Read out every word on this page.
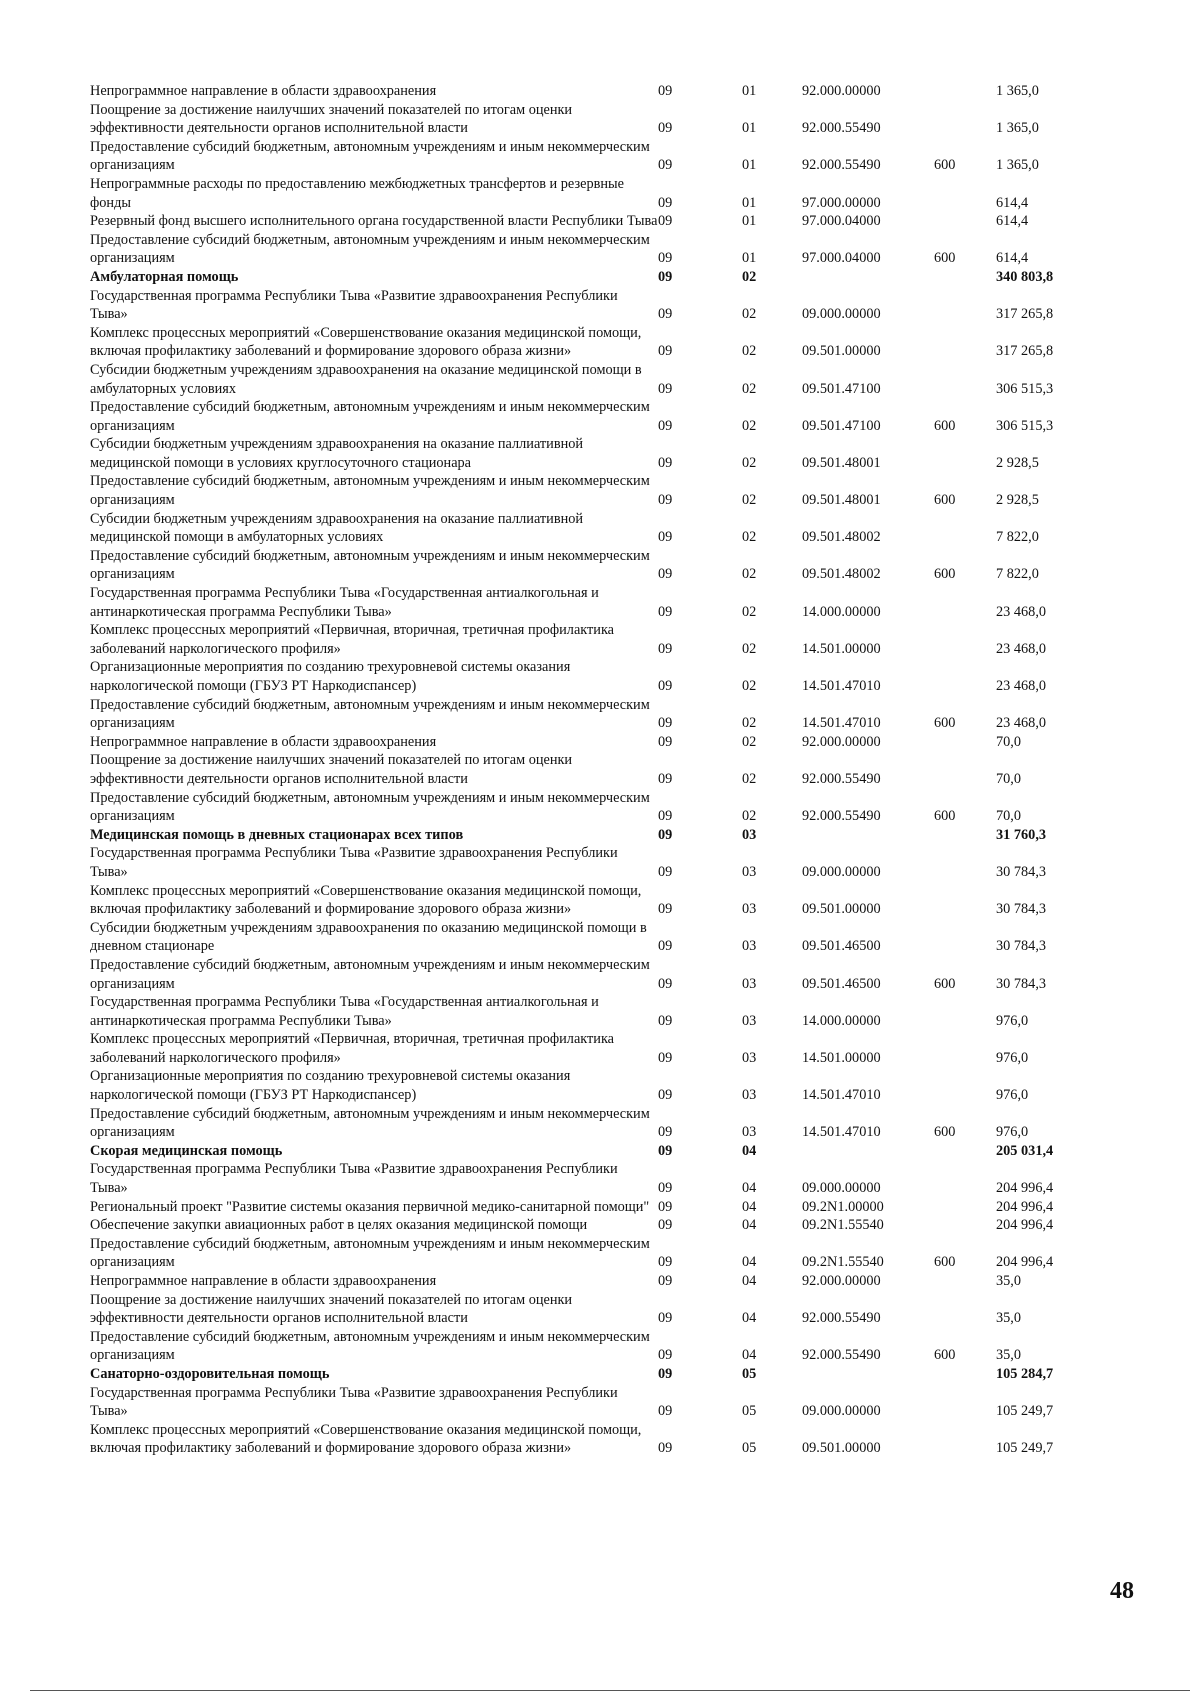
Непрограммное направление в области здравоохранения	09	01	92.000.00000		1 365,0
Поощрение за достижение наилучших значений показателей по итогам оценки эффективности деятельности органов исполнительной власти	09	01	92.000.55490		1 365,0
Предоставление субсидий бюджетным, автономным учреждениям и иным некоммерческим организациям	09	01	92.000.55490	600	1 365,0
Непрограммные расходы по предоставлению межбюджетных трансфертов и резервные фонды	09	01	97.000.00000		614,4
Резервный фонд высшего исполнительного органа государственной власти Республики Тыва	09	01	97.000.04000		614,4
Предоставление субсидий бюджетным, автономным учреждениям и иным некоммерческим организациям	09	01	97.000.04000	600	614,4
Амбулаторная помощь	09	02			340 803,8
Государственная программа Республики Тыва «Развитие здравоохранения Республики Тыва»	09	02	09.000.00000		317 265,8
Комплекс процессных мероприятий «Совершенствование оказания медицинской помощи, включая профилактику заболеваний и формирование здорового образа жизни»	09	02	09.501.00000		317 265,8
Субсидии бюджетным учреждениям здравоохранения на оказание медицинской помощи в амбулаторных условиях	09	02	09.501.47100		306 515,3
Предоставление субсидий бюджетным, автономным учреждениям и иным некоммерческим организациям	09	02	09.501.47100	600	306 515,3
Субсидии бюджетным учреждениям здравоохранения на оказание паллиативной медицинской помощи в условиях круглосуточного стационара	09	02	09.501.48001		2 928,5
Предоставление субсидий бюджетным, автономным учреждениям и иным некоммерческим организациям	09	02	09.501.48001	600	2 928,5
Субсидии бюджетным учреждениям здравоохранения на оказание паллиативной медицинской помощи в амбулаторных условиях	09	02	09.501.48002		7 822,0
Предоставление субсидий бюджетным, автономным учреждениям и иным некоммерческим организациям	09	02	09.501.48002	600	7 822,0
Государственная программа Республики Тыва «Государственная антиалкогольная и антинаркотическая программа Республики Тыва»	09	02	14.000.00000		23 468,0
Комплекс процессных мероприятий «Первичная, вторичная, третичная профилактика заболеваний наркологического профиля»	09	02	14.501.00000		23 468,0
Организационные мероприятия по созданию трехуровневой системы оказания наркологической помощи (ГБУЗ РТ Наркодиспансер)	09	02	14.501.47010		23 468,0
Предоставление субсидий бюджетным, автономным учреждениям и иным некоммерческим организациям	09	02	14.501.47010	600	23 468,0
Непрограммное направление в области здравоохранения	09	02	92.000.00000		70,0
Поощрение за достижение наилучших значений показателей по итогам оценки эффективности деятельности органов исполнительной власти	09	02	92.000.55490		70,0
Предоставление субсидий бюджетным, автономным учреждениям и иным некоммерческим организациям	09	02	92.000.55490	600	70,0
Медицинская помощь в дневных стационарах всех типов	09	03			31 760,3
Государственная программа Республики Тыва «Развитие здравоохранения Республики Тыва»	09	03	09.000.00000		30 784,3
Комплекс процессных мероприятий «Совершенствование оказания медицинской помощи, включая профилактику заболеваний и формирование здорового образа жизни»	09	03	09.501.00000		30 784,3
Субсидии бюджетным учреждениям здравоохранения по оказанию медицинской помощи в дневном стационаре	09	03	09.501.46500		30 784,3
Предоставление субсидий бюджетным, автономным учреждениям и иным некоммерческим организациям	09	03	09.501.46500	600	30 784,3
Государственная программа Республики Тыва «Государственная антиалкогольная и антинаркотическая программа Республики Тыва»	09	03	14.000.00000		976,0
Комплекс процессных мероприятий «Первичная, вторичная, третичная профилактика заболеваний наркологического профиля»	09	03	14.501.00000		976,0
Организационные мероприятия по созданию трехуровневой системы оказания наркологической помощи (ГБУЗ РТ Наркодиспансер)	09	03	14.501.47010		976,0
Предоставление субсидий бюджетным, автономным учреждениям и иным некоммерческим организациям	09	03	14.501.47010	600	976,0
Скорая медицинская помощь	09	04			205 031,4
Государственная программа Республики Тыва «Развитие здравоохранения Республики Тыва»	09	04	09.000.00000		204 996,4
Региональный проект "Развитие системы оказания первичной медико-санитарной помощи"	09	04	09.2N1.00000		204 996,4
Обеспечение закупки авиационных работ в целях оказания медицинской помощи	09	04	09.2N1.55540		204 996,4
Предоставление субсидий бюджетным, автономным учреждениям и иным некоммерческим организациям	09	04	09.2N1.55540	600	204 996,4
Непрограммное направление в области здравоохранения	09	04	92.000.00000		35,0
Поощрение за достижение наилучших значений показателей по итогам оценки эффективности деятельности органов исполнительной власти	09	04	92.000.55490		35,0
Предоставление субсидий бюджетным, автономным учреждениям и иным некоммерческим организациям	09	04	92.000.55490	600	35,0
Санаторно-оздоровительная помощь	09	05			105 284,7
Государственная программа Республики Тыва «Развитие здравоохранения Республики Тыва»	09	05	09.000.00000		105 249,7
Комплекс процессных мероприятий «Совершенствование оказания медицинской помощи, включая профилактику заболеваний и формирование здорового образа жизни»	09	05	09.501.00000		105 249,7
48
